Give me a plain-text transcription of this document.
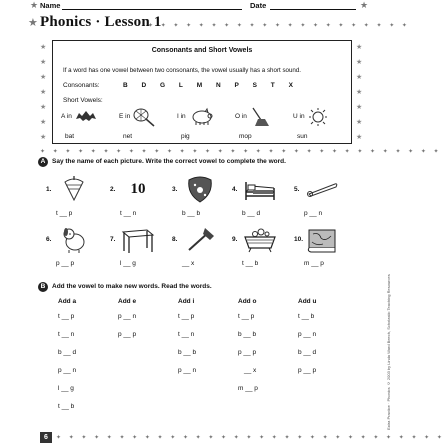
★ Name	Date	★
★ Phonics · Lesson 1
✦ ✦ ✦ ✦ ✦ ✦ ✦ ✦ ✦ ✦ ✦ ✦ ✦ ✦ ✦ ✦ ✦ ✦ ✦ ✦ ✦
★
★
★
★
★
★
★
★
★
★
★
★
★
★
Consonants and Short Vowels
If a word has one vowel between two consonants, the vowel usually has a short sound.
Consonants:	B D G L M N P S T X
Short Vowels:
A in
bat
E in
net
I in
pig
O in
mop
U in
sun
✦ ✦ ✦ ✦ ✦ ✦ ✦ ✦ ✦ ✦ ✦ ✦ ✦ ✦ ✦ ✦ ✦ ✦ ✦ ✦ ✦ ✦ ✦ ✦ ✦ ✦ ✦ ✦ ✦ ✦ ✦ ✦
A	Say the name of each picture. Write the correct vowel to complete the word.
1.
t __ p
2.	10
t __ n
3.
b __ b
4.
b __ d
5.
p __ n
6.
p __ p
7.
l __ g
8.
__ x
9.
t __ b
10.
m __ p
B	Add the vowel to make new words. Read the words.
Add a
t __ p
t __ n
b __ d
p __ n
l __ g
t __ b
Add e
p __ n
p __ p
Add i
t __ p
t __ n
b __ b
p __ n
Add o
t __ p
b __ b
p __ p
__ x
m __ p
Add u
t __ b
p __ n
b __ d
p __ p	Extra Practice · Phonics © 2003 by Linda Ward Beech, Scholastic Teaching Resources
6	✦ ✦ ✦ ✦ ✦ ✦ ✦ ✦ ✦ ✦ ✦ ✦ ✦ ✦ ✦ ✦ ✦ ✦ ✦ ✦ ✦ ✦ ✦ ✦ ✦ ✦ ✦ ✦ ✦ ✦ ✦
